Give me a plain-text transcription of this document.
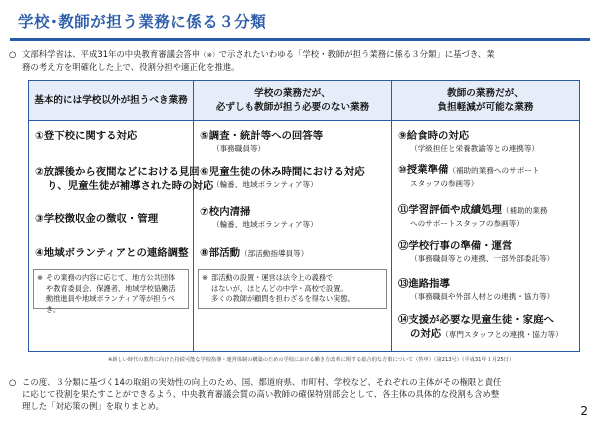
学校･教師が担う業務に係る３分類
○ 文部科学省は、平成31年の中央教育審議会答申（※）で示されたいわゆる「学校・教師が担う業務に係る３分類」に基づき、業
務の考え方を明確化した上で、役割分担や適正化を推進。
基本的には学校以外が担うべき業務
①登下校に関する対応
②放課後から夜間などにおける見回
り、児童生徒が補導された時の対応
③学校徴収金の徴収・管理
④地域ボランティアとの連絡調整
※ その業務の内容に応じて、地方公共団体
や教育委員会、保護者、地域学校協働活
動推進員や地域ボランティア等が担うべき。
学校の業務だが、
必ずしも教師が担う必要のない業務
⑤調査・統計等への回答等
（事務職員等）
⑥児童生徒の休み時間における対応
（輪番、地域ボランティア等）
⑦校内清掃
（輪番、地域ボランティア等）
⑧部活動（部活動指導員等）
※ 部活動の設置・運営は法令上の義務で
はないが、ほとんどの中学・高校で設置。
多くの教師が顧問を担わざるを得ない実態。
教師の業務だが、
負担軽減が可能な業務
⑨給食時の対応
（学級担任と栄養教諭等との連携等）
⑩授業準備（補助的業務へのサポート
スタッフの参画等）
⑪学習評価や成績処理（補助的業務
へのサポートスタッフの参画等）
⑫学校行事の準備・運営
（事務職員等との連携、一部外部委託等）
⑬進路指導
（事務職員や外部人材との連携・協力等）
⑭支援が必要な児童生徒・家庭へ
の対応（専門スタッフとの連携・協力等）
※新しい時代の教育に向けた持続可能な学校指導・運営体制の構築のための学校における働き方改革に関する総合的な方策について（答申）（第213号）（平成31年１月25日）
○ この度、３分類に基づく14の取組の実効性の向上のため、国、都道府県、市町村、学校など、それぞれの主体がその権限と責任
に応じて役割を果たすことができるよう、中央教育審議会質の高い教師の確保特別部会として、各主体の具体的な役割も含め整
理した「対応策の例」を取りまとめ。	2
